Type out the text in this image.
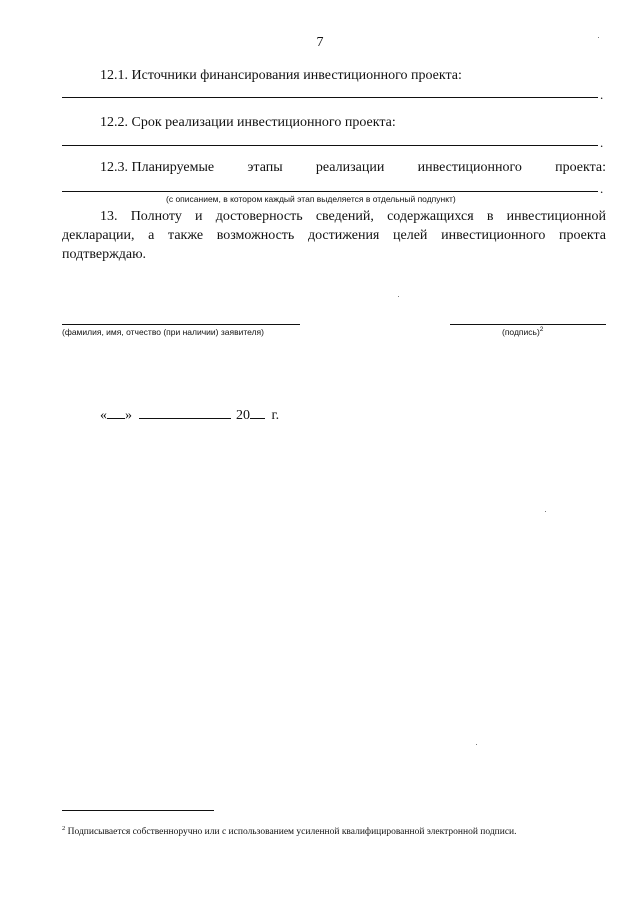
7
12.1. Источники финансирования инвестиционного проекта:
.
12.2. Срок реализации инвестиционного проекта:
.
12.3. Планируемые этапы реализации инвестиционного проекта:
.
(с описанием, в котором каждый этап выделяется в отдельный подпункт)
13. Полноту и достоверность сведений, содержащихся в инвестиционной
декларации, а также возможность достижения целей инвестиционного проекта
подтверждаю.
(фамилия, имя, отчество (при наличии) заявителя)	(подпись)$^2$
« »	20 г.
$^2$ Подписывается собственноручно или с использованием усиленной квалифицированной электронной подписи.
